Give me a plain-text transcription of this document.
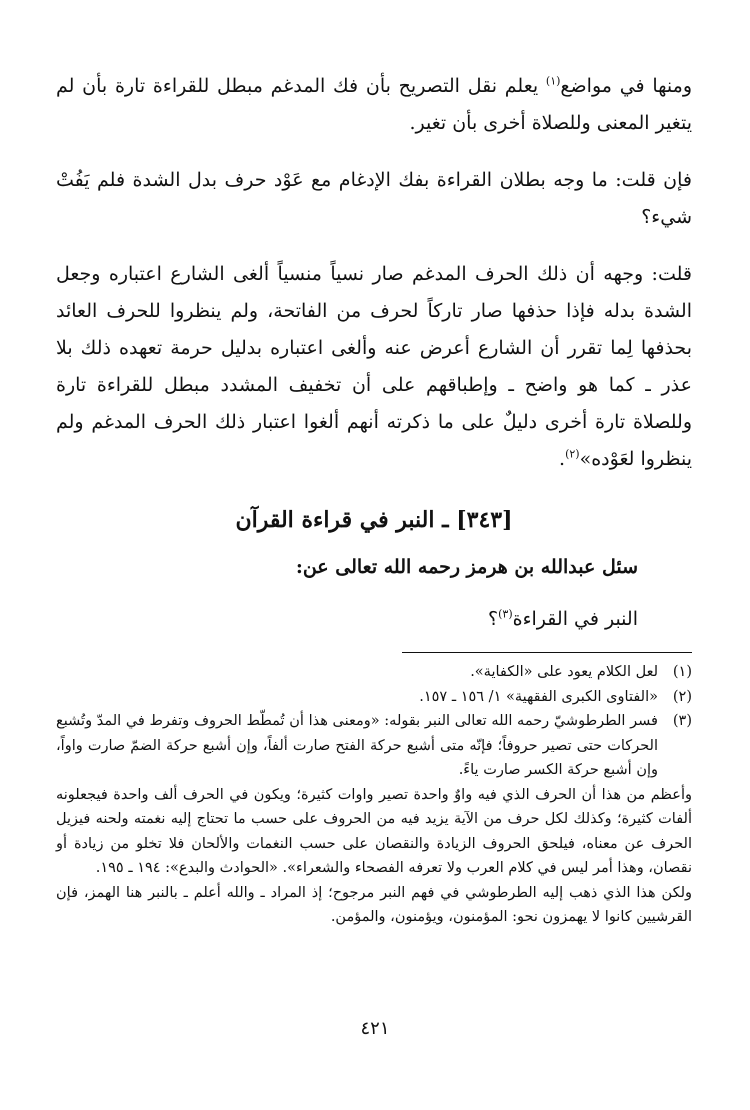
ومنها في مواضع$^{(١)}$ يعلم نقل التصريح بأن فك المدغم مبطل للقراءة تارة بأن لم يتغير المعنى وللصلاة أخرى بأن تغير.

فإن قلت: ما وجه بطلان القراءة بفك الإدغام مع عَوْد حرف بدل الشدة فلم يَفُتْ شيء؟

قلت: وجهه أن ذلك الحرف المدغم صار نسياً منسياً ألغى الشارع اعتباره وجعل الشدة بدله فإذا حذفها صار تاركاً لحرف من الفاتحة، ولم ينظروا للحرف العائد بحذفها لِما تقرر أن الشارع أعرض عنه وألغى اعتباره بدليل حرمة تعهده ذلك بلا عذر ـ كما هو واضح ـ وإطباقهم على أن تخفيف المشدد مبطل للقراءة تارة وللصلاة تارة أخرى دليلٌ على ما ذكرته أنهم ألغوا اعتبار ذلك الحرف المدغم ولم ينظروا لعَوْده»$^{(٢)}$.

[٣٤٣] ـ النبر في قراءة القرآن

سئل عبدالله بن هرمز رحمه الله تعالى عن:

النبر في القراءة$^{(٣)}$؟

(١)
لعل الكلام يعود على «الكفاية».
(٢)
«الفتاوى الكبرى الفقهية» ١/ ١٥٦ ـ ١٥٧.
(٣)
فسر الطرطوشيّ رحمه الله تعالى النبر بقوله: «ومعنى هذا أن تُمطّط الحروف وتفرط في المدّ وتُشبع الحركات حتى تصير حروفاً؛ فإنّه متى أشبع حركة الفتح صارت ألفاً، وإن أشبع حركة الضمّ صارت واواً، وإن أشبع حركة الكسر صارت ياءً.

وأعظم من هذا أن الحرف الذي فيه واوٌ واحدة تصير واوات كثيرة؛ ويكون في الحرف ألف واحدة فيجعلونه ألفات كثيرة؛ وكذلك لكل حرف من الآية يزيد فيه من الحروف على حسب ما تحتاج إليه نغمته ولحنه فيزيل الحرف عن معناه، فيلحق الحروف الزيادة والنقصان على حسب النغمات والألحان فلا تخلو من زيادة أو نقصان، وهذا أمر ليس في كلام العرب ولا تعرفه الفصحاء والشعراء». «الحوادث والبدع»: ١٩٤ ـ ١٩٥.

ولكن هذا الذي ذهب إليه الطرطوشي في فهم النبر مرجوح؛ إذ المراد ـ والله أعلم ـ بالنبر هنا الهمز، فإن القرشيين كانوا لا يهمزون نحو: المؤمنون، ويؤمنون، والمؤمن.

٤٢١
